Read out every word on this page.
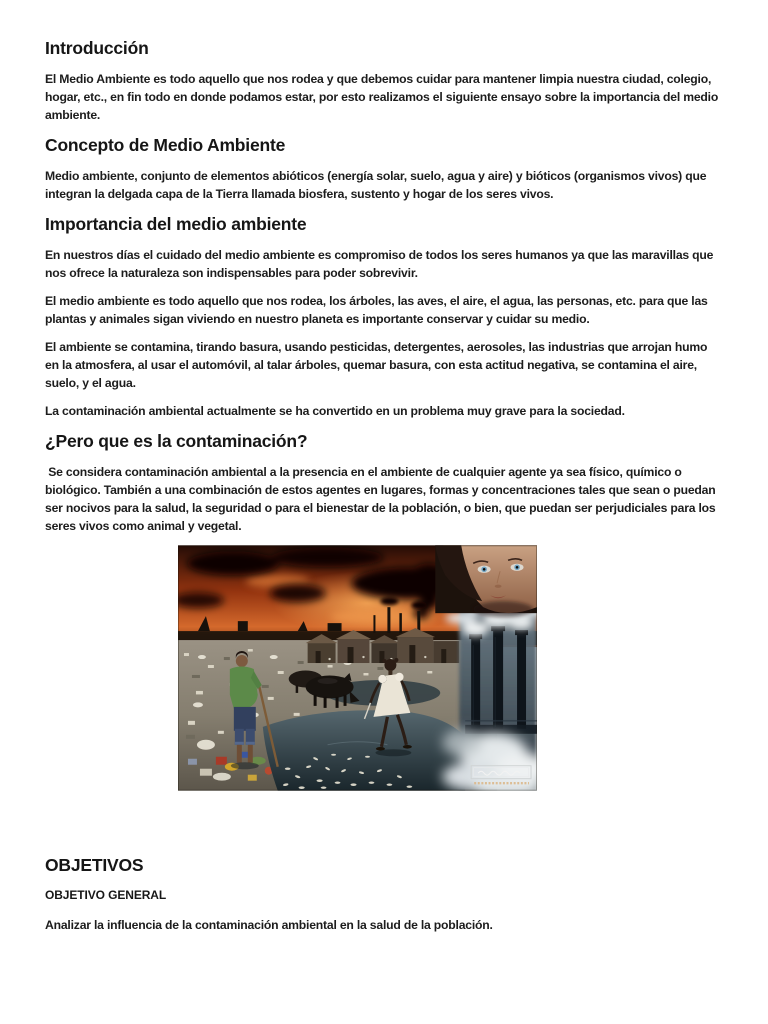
Introducción

El Medio Ambiente es todo aquello que nos rodea y que debemos cuidar para mantener limpia nuestra ciudad, colegio, hogar, etc., en fin todo en donde podamos estar, por esto realizamos el siguiente ensayo sobre la importancia del medio ambiente.

Concepto de Medio Ambiente

Medio ambiente, conjunto de elementos abióticos (energía solar, suelo, agua y aire) y bióticos (organismos vivos) que integran la delgada capa de la Tierra llamada biosfera, sustento y hogar de los seres vivos.

Importancia del medio ambiente

En nuestros días el cuidado del medio ambiente es compromiso de todos los seres humanos ya que las maravillas que nos ofrece la naturaleza son indispensables para poder sobrevivir.

El medio ambiente es todo aquello que nos rodea, los árboles, las aves, el aire, el agua, las personas, etc. para que las plantas y animales sigan viviendo en nuestro planeta es importante conservar y cuidar su medio.

El ambiente se contamina, tirando basura, usando pesticidas, detergentes, aerosoles, las industrias que arrojan humo en la atmosfera, al usar el automóvil, al talar árboles, quemar basura, con esta actitud negativa, se contamina el aire, suelo, y el agua.

La contaminación ambiental actualmente se ha convertido en un problema muy grave para la sociedad.

¿Pero que es la contaminación?

Se considera contaminación ambiental a la presencia en el ambiente de cualquier agente ya sea físico, químico o biológico. También a una combinación de estos agentes en lugares, formas y concentraciones tales que sean o puedan ser nocivos para la salud, la seguridad o para el bienestar de la población, o bien, que puedan ser perjudiciales para los seres vivos como animal y vegetal.

OBJETIVOS
OBJETIVO GENERAL

Analizar la influencia de la contaminación ambiental en la salud de la población.
